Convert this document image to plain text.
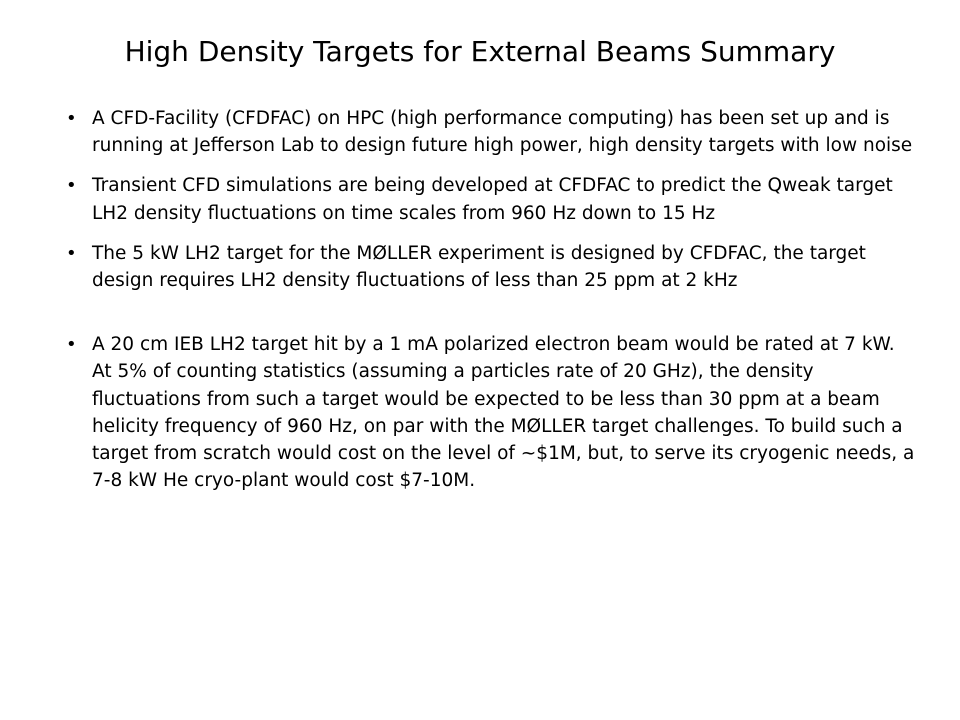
High Density Targets for External Beams Summary
• A CFD-Facility (CFDFAC) on HPC (high performance computing) has been set up and is running at Jefferson Lab to design future high power, high density targets with low noise
• Transient CFD simulations are being developed at CFDFAC to predict the Qweak target LH2 density fluctuations on time scales from 960 Hz down to 15 Hz
• The 5 kW LH2 target for the MØLLER experiment is designed by CFDFAC, the target design requires LH2 density fluctuations of less than 25 ppm at 2 kHz
• A 20 cm IEB LH2 target hit by a 1 mA polarized electron beam would be rated at 7 kW. At 5% of counting statistics (assuming a particles rate of 20 GHz), the density fluctuations from such a target would be expected to be less than 30 ppm at a beam helicity frequency of 960 Hz, on par with the MØLLER target challenges. To build such a target from scratch would cost on the level of ~$1M, but, to serve its cryogenic needs, a 7-8 kW He cryo-plant would cost $7-10M.
